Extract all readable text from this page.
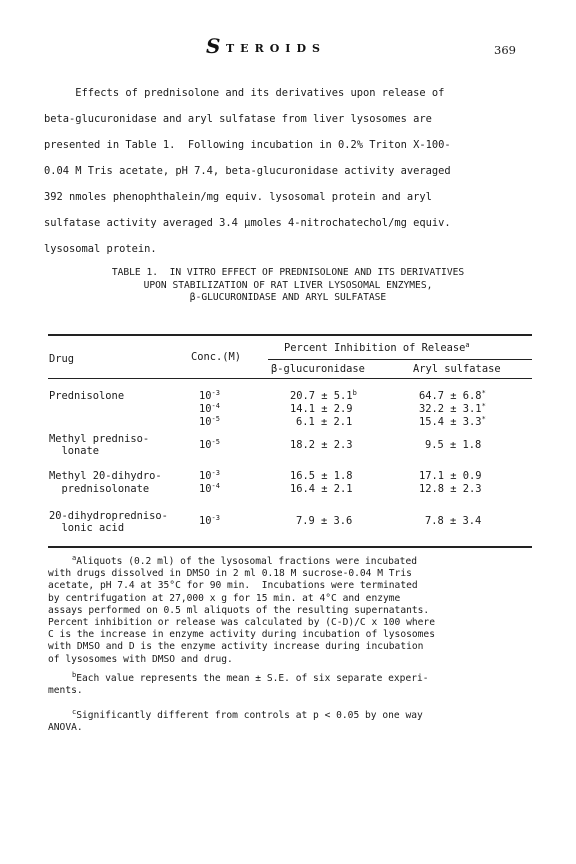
S TEROIDS	369

Effects of prednisolone and its derivatives upon release of

beta-glucuronidase and aryl sulfatase from liver lysosomes are

presented in Table 1.  Following incubation in 0.2% Triton X-100-

0.04 M Tris acetate, pH 7.4, beta-glucuronidase activity averaged

392 nmoles phenophthalein/mg equiv. lysosomal protein and aryl

sulfatase activity averaged 3.4 µmoles 4-nitrochatechol/mg equiv.

lysosomal protein.

TABLE 1.  IN VITRO EFFECT OF PREDNISOLONE AND ITS DERIVATIVES
UPON STABILIZATION OF RAT LIVER LYSOSOMAL ENZYMES,
β-GLUCURONIDASE AND ARYL SULFATASE
Drug	Conc.(M)
Percent Inhibition of Release$^a$
β-glucuronidase	Aryl sulfatase
Prednisolone	$10^{-3}$	20.7 ± 5.1$^b$	64.7 ± 6.8*
$10^{-4}$	14.1 ± 2.9	32.2 ± 3.1*
$10^{-5}$	6.1 ± 2.1	15.4 ± 3.3*
Methyl predniso-
lonate	$10^{-5}$	18.2 ± 2.3	9.5 ± 1.8
Methyl 20-dihydro-	$10^{-3}$	16.5 ± 1.8	17.1 ± 0.9
prednisolonate	$10^{-4}$	16.4 ± 2.1	12.8 ± 2.3
20-dihydropredniso-
lonic acid
$10^{-3}$	7.9 ± 3.6	7.8 ± 3.4

$^a$Aliquots (0.2 ml) of the lysosomal fractions were incubated

with drugs dissolved in DMSO in 2 ml 0.18 M sucrose-0.04 M Tris

acetate, pH 7.4 at 35°C for 90 min.  Incubations were terminated

by centrifugation at 27,000 x g for 15 min. at 4°C and enzyme

assays performed on 0.5 ml aliquots of the resulting supernatants.

Percent inhibition or release was calculated by (C-D)/C x 100 where

C is the increase in enzyme activity during incubation of lysosomes

with DMSO and D is the enzyme activity increase during incubation

of lysosomes with DMSO and drug.

$^b$Each value represents the mean ± S.E. of six separate experi-

ments.

$^c$Significantly different from controls at p < 0.05 by one way

ANOVA.
